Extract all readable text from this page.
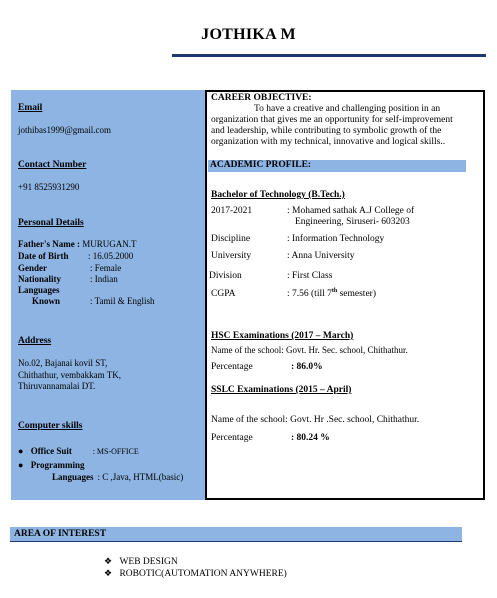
JOTHIKA M
Email
jothibas1999@gmail.com
Contact Number
+91 8525931290
Personal Details
Father's Name : MURUGAN.T
Date of Birth : 16.05.2000
Gender	: Female
Nationality	: Indian
Languages
Known	: Tamil & English
Address
No.02, Bajanai kovil ST,
Chithathur, vembakkam TK,
Thiruvannamalai DT.
Computer skills
● Office Suit	: MS-OFFICE
● Programming
Languages : C ,Java, HTML(basic)
CAREER OBJECTIVE:
To have a creative and challenging position in an
organization that gives me an opportunity for self-improvement
and leadership, while contributing to symbolic growth of the
organization with my technical, innovative and logical skills..
ACADEMIC PROFILE:
Bachelor of Technology (B.Tech.)
2017-2021	: Mohamed sathak A.J College of
Engineering, Siruseri- 603203
Discipline	: Information Technology
University	: Anna University
Division	: First Class
CGPA	: 7.56 (till 7th semester)
HSC Examinations (2017 – March)
Name of the school: Govt. Hr. Sec. school, Chithathur.
Percentage	: 86.0%
SSLC Examinations (2015 – April)
Name of the school: Govt. Hr .Sec. school, Chithathur.
Percentage	: 80.24 %
AREA OF INTEREST
❖ WEB DESIGN
❖ ROBOTIC(AUTOMATION ANYWHERE)
